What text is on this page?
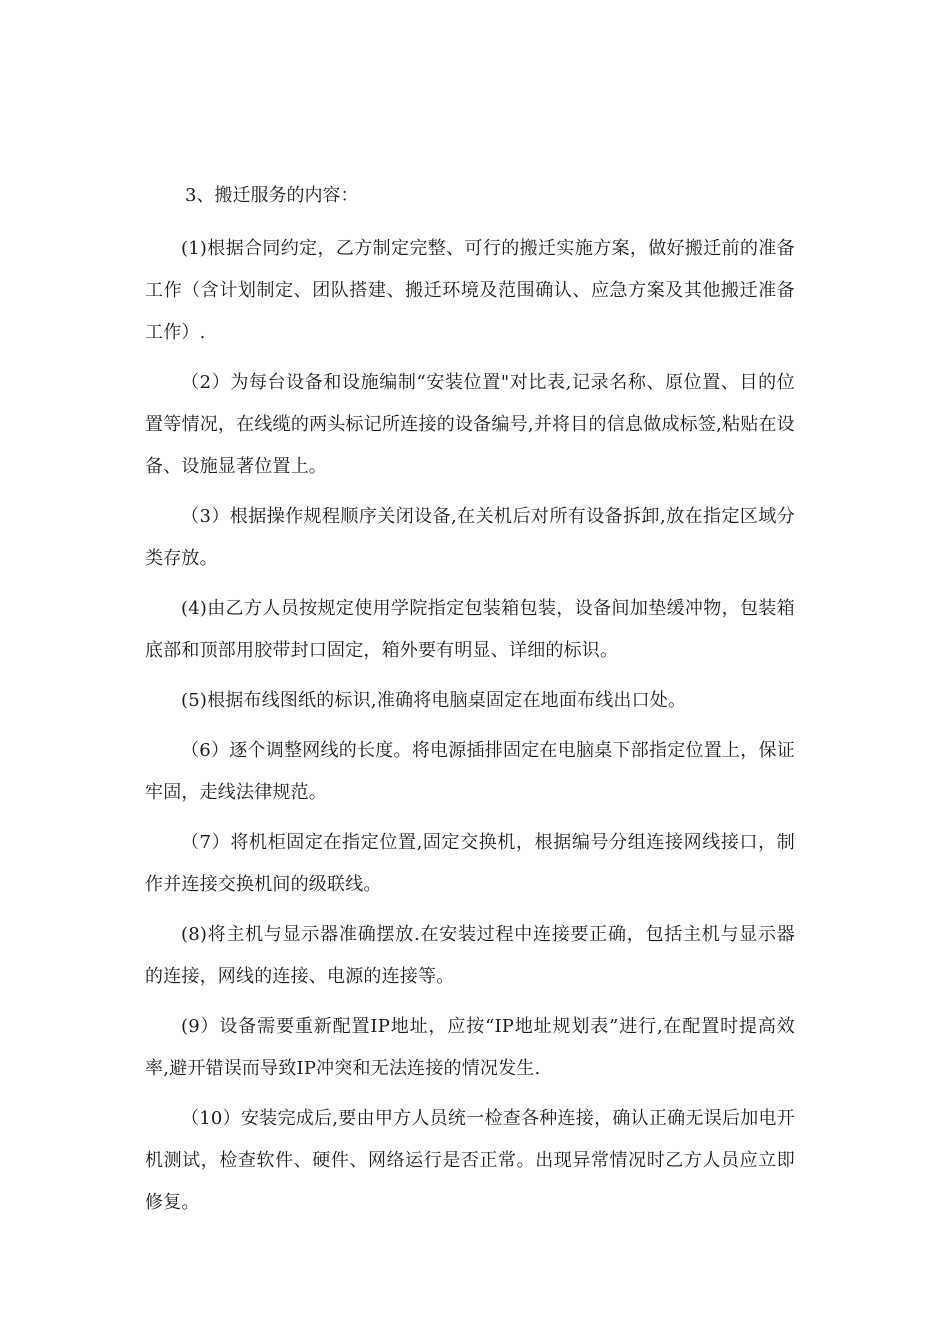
3、搬迁服务的内容：

(1)根据合同约定，乙方制定完整、可行的搬迁实施方案，做好搬迁前的准备工作（含计划制定、团队搭建、搬迁环境及范围确认、应急方案及其他搬迁准备工作）.

（2）为每台设备和设施编制“安装位置"对比表,记录名称、原位置、目的位置等情况，在线缆的两头标记所连接的设备编号,并将目的信息做成标签,粘贴在设备、设施显著位置上。

（3）根据操作规程顺序关闭设备,在关机后对所有设备拆卸,放在指定区域分类存放。

(4)由乙方人员按规定使用学院指定包装箱包装，设备间加垫缓冲物，包装箱底部和顶部用胶带封口固定，箱外要有明显、详细的标识。

(5)根据布线图纸的标识,准确将电脑桌固定在地面布线出口处。

（6）逐个调整网线的长度。将电源插排固定在电脑桌下部指定位置上，保证牢固，走线法律规范。

（7）将机柜固定在指定位置,固定交换机，根据编号分组连接网线接口，制作并连接交换机间的级联线。

(8)将主机与显示器准确摆放.在安装过程中连接要正确，包括主机与显示器的连接，网线的连接、电源的连接等。

(9）设备需要重新配置IP地址，应按“IP地址规划表”进行,在配置时提高效率,避开错误而导致IP冲突和无法连接的情况发生.

（10）安装完成后,要由甲方人员统一检查各种连接，确认正确无误后加电开机测试，检查软件、硬件、网络运行是否正常。出现异常情况时乙方人员应立即修复。
